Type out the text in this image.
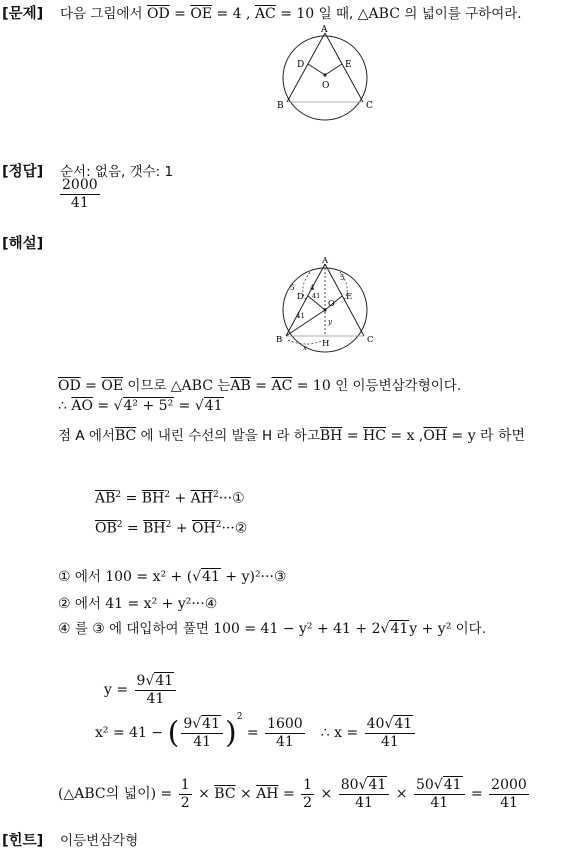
[문제] 다음 그림에서 $\overline{OD} = \overline{OE} = 4$ , $\overline{AC} = 10$ 일 때, △ABC 의 넓이를 구하여라.
A
B	C
D	E
O
[정답] 순서: 없음, 갯수: 1
$\frac{2000}{41}$
[해설]
A
B	C
D	E
O
H
5
5
4
41
41
x
y
$\overline{OD} = \overline{OE}$ 이므로 △ABC 는$\overline{AB} = \overline{AC} = 10$ 인 이등변삼각형이다.
∴ $\overline{AO} = √4^2 + 5^2 = √41$
점 A 에서$\overline{BC}$ 에 내린 수선의 발을 H 라 하고$\overline{BH} = \overline{HC} = x$ $,\overline{OH} = y$ 라 하면
$\overline{AB}^2 = \overline{BH}^2$ + $\overline{AH}^2\cdot\cdot\cdot ①$
$\overline{OB}^2 = \overline{BH}^2$ + $\overline{OH}^2\cdot\cdot\cdot ②$
① 에서 100 = x² + (√41 + y)²···③
② 에서 41 = x² + y²···④
④ 를 ③ 에 대입하여 풀면 100 = 41 − y² + 41 + 2√41y + y² 이다.
$y = \frac{9√41}{41}$
x² = 41 − ( $\frac{9√41}{41} )^2 = \frac{1600}{41}$ ∴ $x = \frac{40√41}{41}$
(△ABC의 넓이) = $\frac{1}{2} \times \overline{BC} \times \overline{AH} = \frac{1}{2} \times \frac{80√41}{41} \times \frac{50√41}{41} = \frac{2000}{41}$
[힌트] 이등변삼각형
